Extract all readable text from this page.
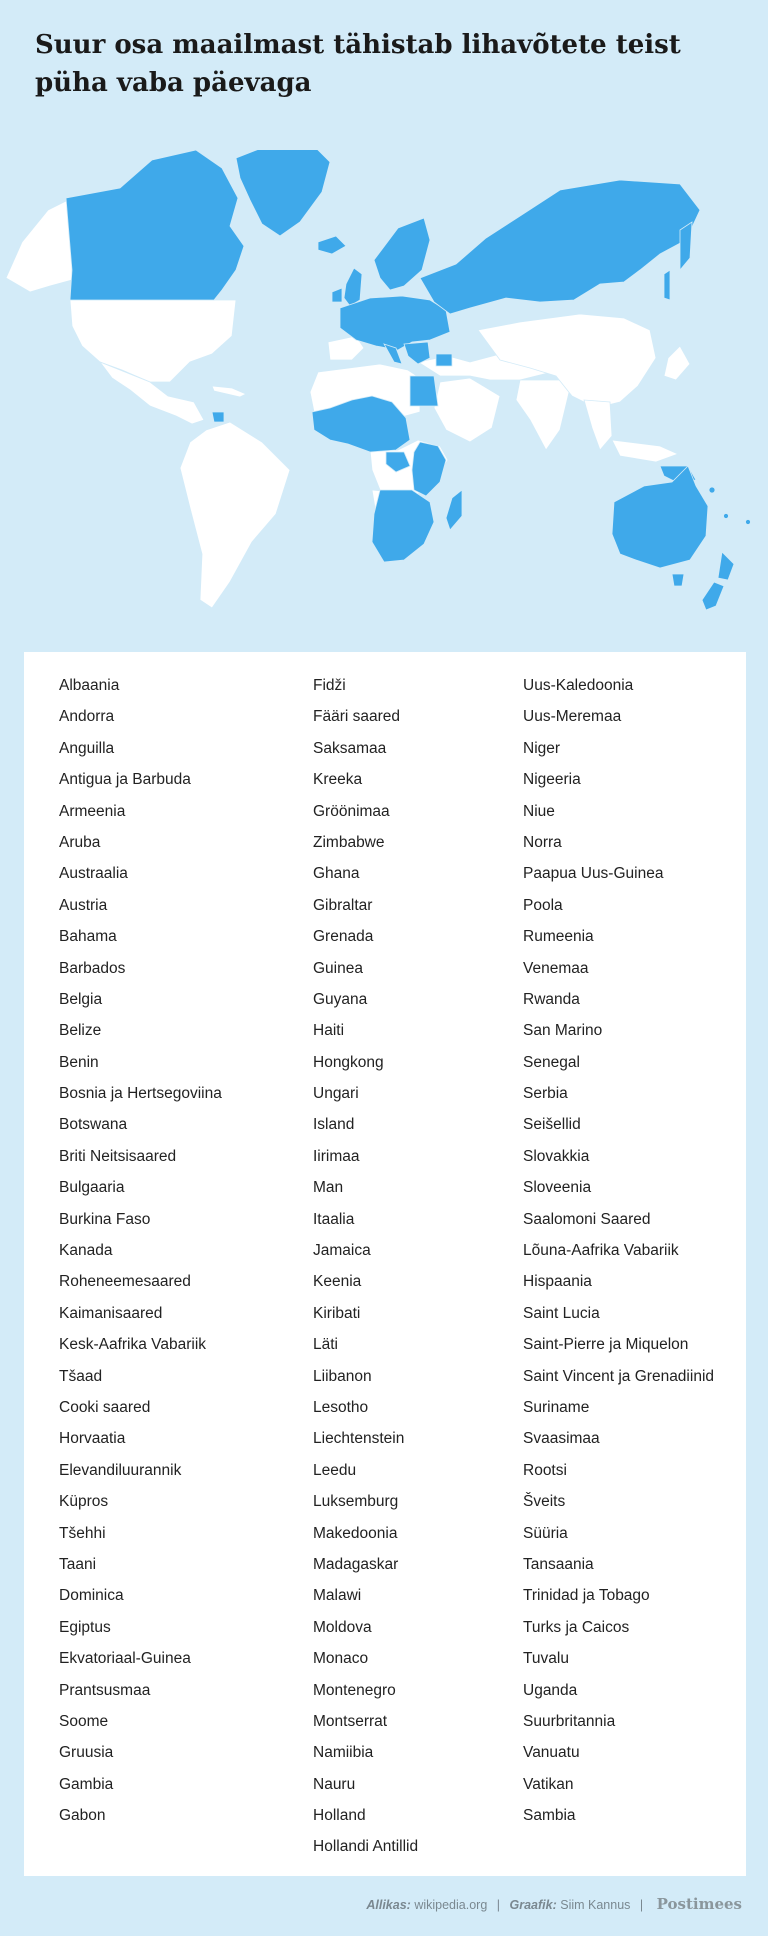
Suur osa maailmast tähistab lihavõtete teist püha vaba päevaga
Albaania
Andorra
Anguilla
Antigua ja Barbuda
Armeenia
Aruba
Austraalia
Austria
Bahama
Barbados
Belgia
Belize
Benin
Bosnia ja Hertsegoviina
Botswana
Briti Neitsisaared
Bulgaaria
Burkina Faso
Kanada
Roheneemesaared
Kaimanisaared
Kesk-Aafrika Vabariik
Tšaad
Cooki saared
Horvaatia
Elevandiluurannik
Küpros
Tšehhi
Taani
Dominica
Egiptus
Ekvatoriaal-Guinea
Prantsusmaa
Soome
Gruusia
Gambia
Gabon
Fidži
Fääri saared
Saksamaa
Kreeka
Gröönimaa
Zimbabwe
Ghana
Gibraltar
Grenada
Guinea
Guyana
Haiti
Hongkong
Ungari
Island
Iirimaa
Man
Itaalia
Jamaica
Keenia
Kiribati
Läti
Liibanon
Lesotho
Liechtenstein
Leedu
Luksemburg
Makedoonia
Madagaskar
Malawi
Moldova
Monaco
Montenegro
Montserrat
Namiibia
Nauru
Holland
Hollandi Antillid
Uus-Kaledoonia
Uus-Meremaa
Niger
Nigeeria
Niue
Norra
Paapua Uus-Guinea
Poola
Rumeenia
Venemaa
Rwanda
San Marino
Senegal
Serbia
Seišellid
Slovakkia
Sloveenia
Saalomoni Saared
Lõuna-Aafrika Vabariik
Hispaania
Saint Lucia
Saint-Pierre ja Miquelon
Saint Vincent ja Grenadiinid
Suriname
Svaasimaa
Rootsi
Šveits
Süüria
Tansaania
Trinidad ja Tobago
Turks ja Caicos
Tuvalu
Uganda
Suurbritannia
Vanuatu
Vatikan
Sambia
Allikas: wikipedia.org | Graafik: Siim Kannus | Postimees
